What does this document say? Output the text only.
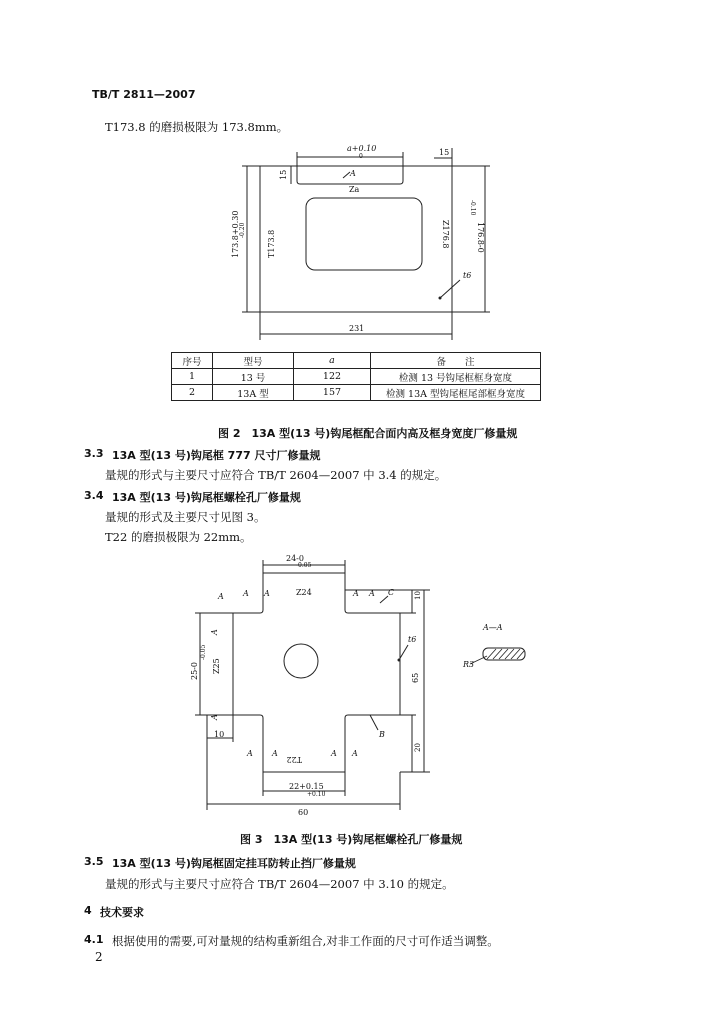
TB/T 2811—2007
T173.8 的磨损极限为 173.8mm。
a+0.10
0	15
15	A
Za
173.8+0.30 -0.20	T173.8	Z176.8	176.8-0
-0.10
t6
231
序号	型号	a	备　　注
1	13 号	122	检测 13 号钩尾框框身宽度
2	13A 型	157	检测 13A 型钩尾框尾部框身宽度
图 2　13A 型(13 号)钩尾框配合面内高及框身宽度厂修量规
3.3 13A 型(13 号)钩尾框 777 尺寸厂修量规
量规的形式与主要尺寸应符合 TB/T 2604—2007 中 3.4 的规定。
3.4 13A 型(13 号)钩尾框螺栓孔厂修量规
量规的形式及主要尺寸见图 3。
T22 的磨损极限为 22mm。
24-0
-0.05
Z24
A A
A	A A C	10
25-0
-0.05
Z25
A
A
t6
65
10	B
20
A A	A A
T22
22+0.15
+0.10
60
A—A
R3
图 3　13A 型(13 号)钩尾框螺栓孔厂修量规
3.5 13A 型(13 号)钩尾框固定挂耳防转止挡厂修量规
量规的形式与主要尺寸应符合 TB/T 2604—2007 中 3.10 的规定。
4 技术要求
4.1 根据使用的需要,可对量规的结构重新组合,对非工作面的尺寸可作适当调整。
2
